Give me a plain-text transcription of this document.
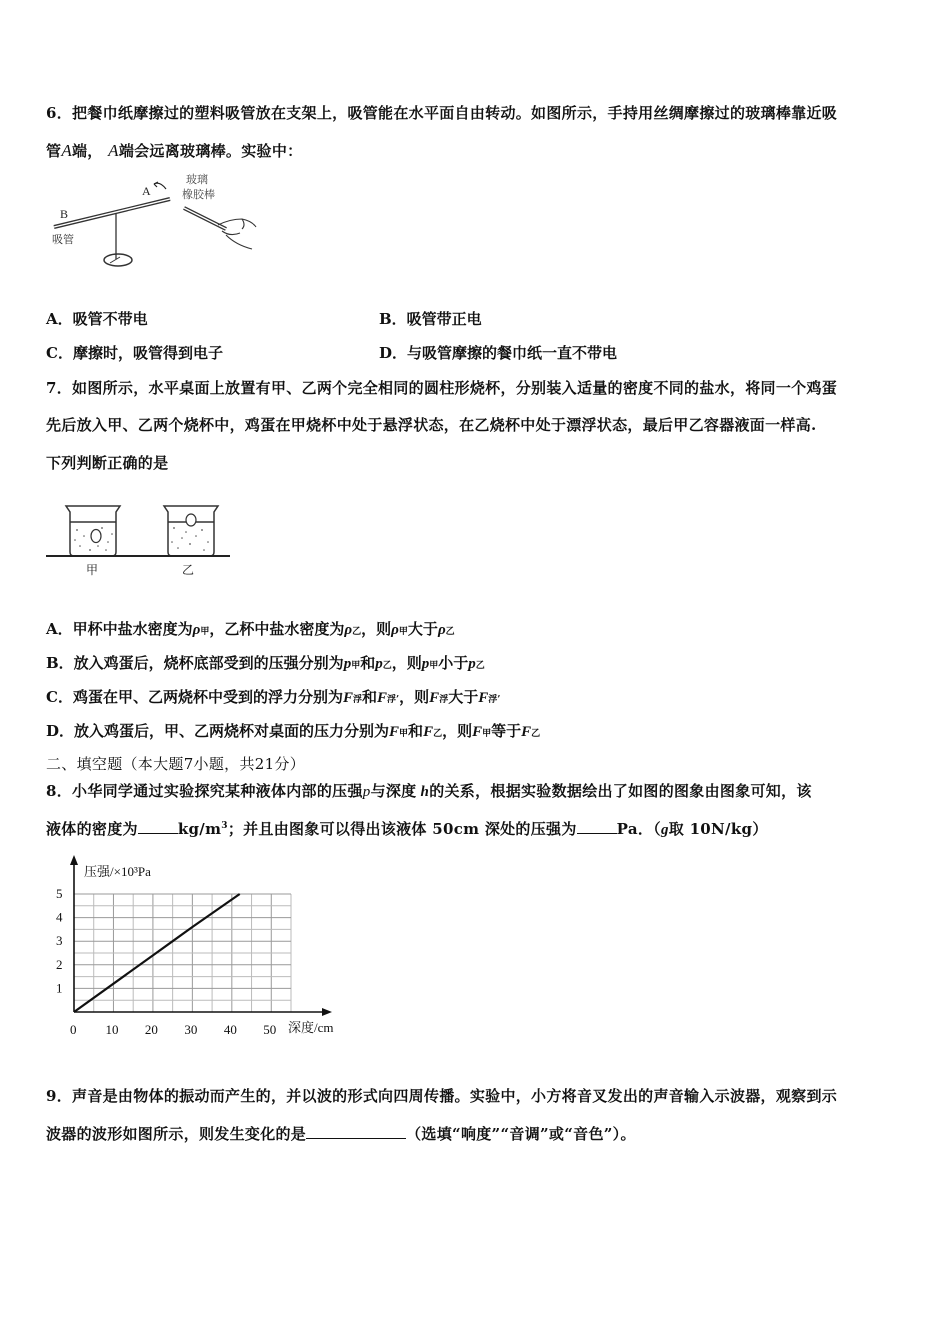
6．把餐巾纸摩擦过的塑料吸管放在支架上，吸管能在水平面自由转动。如图所示，手持用丝绸摩擦过的玻璃棒靠近吸
管A端， A端会远离玻璃棒。实验中：
B
A
吸管
玻璃
橡胶棒
A．吸管不带电	B．吸管带正电
C．摩擦时，吸管得到电子	D．与吸管摩擦的餐巾纸一直不带电
7．如图所示，水平桌面上放置有甲、乙两个完全相同的圆柱形烧杯，分别装入适量的密度不同的盐水，将同一个鸡蛋
先后放入甲、乙两个烧杯中，鸡蛋在甲烧杯中处于悬浮状态，在乙烧杯中处于漂浮状态，最后甲乙容器液面一样高.
下列判断正确的是
甲	乙
A．甲杯中盐水密度为ρ甲，乙杯中盐水密度为ρ乙，则ρ甲大于ρ乙
B．放入鸡蛋后，烧杯底部受到的压强分别为p甲和p乙，则p甲小于p乙
C．鸡蛋在甲、乙两烧杯中受到的浮力分别为F浮和F浮’，则F浮大于F浮’
D．放入鸡蛋后，甲、乙两烧杯对桌面的压力分别为F甲和F乙，则F甲等于F乙
二、填空题（本大题7小题，共21分）
8．小华同学通过实验探究某种液体内部的压强p与深度 h的关系，根据实验数据绘出了如图的图象由图象可知，该
液体的密度为	$kg/m^3$；并且由图象可以得出该液体 50cm 深处的压强为	Pa．（g取 10N/kg）
压强/×10³Pa
深度/cm
0 10 20 30 40 50
1
2
3
4
5
9．声音是由物体的振动而产生的，并以波的形式向四周传播。实验中，小方将音叉发出的声音输入示波器，观察到示
波器的波形如图所示，则发生变化的是	（选填“响度”“音调”或“音色”）。
